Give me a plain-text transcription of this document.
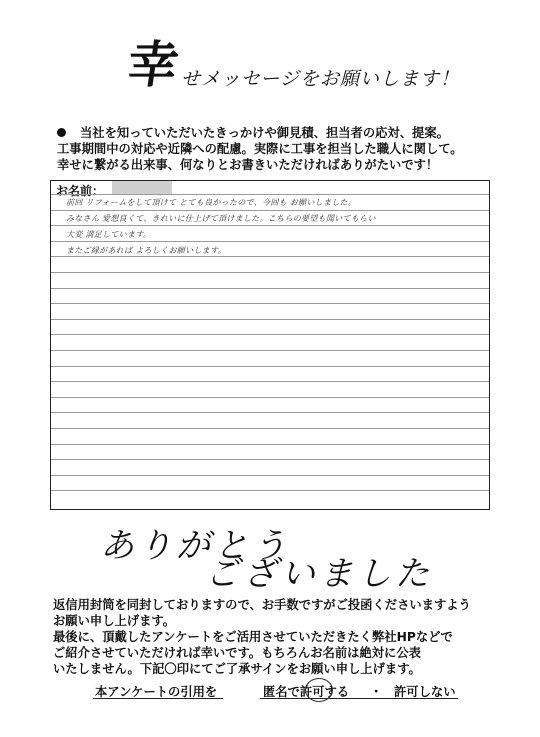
幸
せメッセージをお願いします！
当社を知っていただいたきっかけや御見積、担当者の応対、提案。
工事期間中の対応や近隣への配慮。実際に工事を担当した職人に関して。
幸せに繋がる出来事、何なりとお書きいただければありがたいです！
お名前：
前回 リフォームをして頂けて とても良かったので、今回も お願いしました。
みなさん 愛想良くて、きれいに仕上げて頂けました。こちらの要望も聞いてもらい
大変 満足しています。
またご縁があれば よろしくお願いします。
ありがとう
ございました
返信用封筒を同封しておりますので、お手数ですがご投函くださいますよう
お願い申し上げます。
最後に、頂戴したアンケートをご活用させていただきたく弊社HPなどで
ご紹介させていただければ幸いです。もちろんお名前は絶対に公表
いたしません。下記〇印にてご了承サインをお願い申し上げます。
本アンケートの引用を	匿名で許可する ・ 許可しない
